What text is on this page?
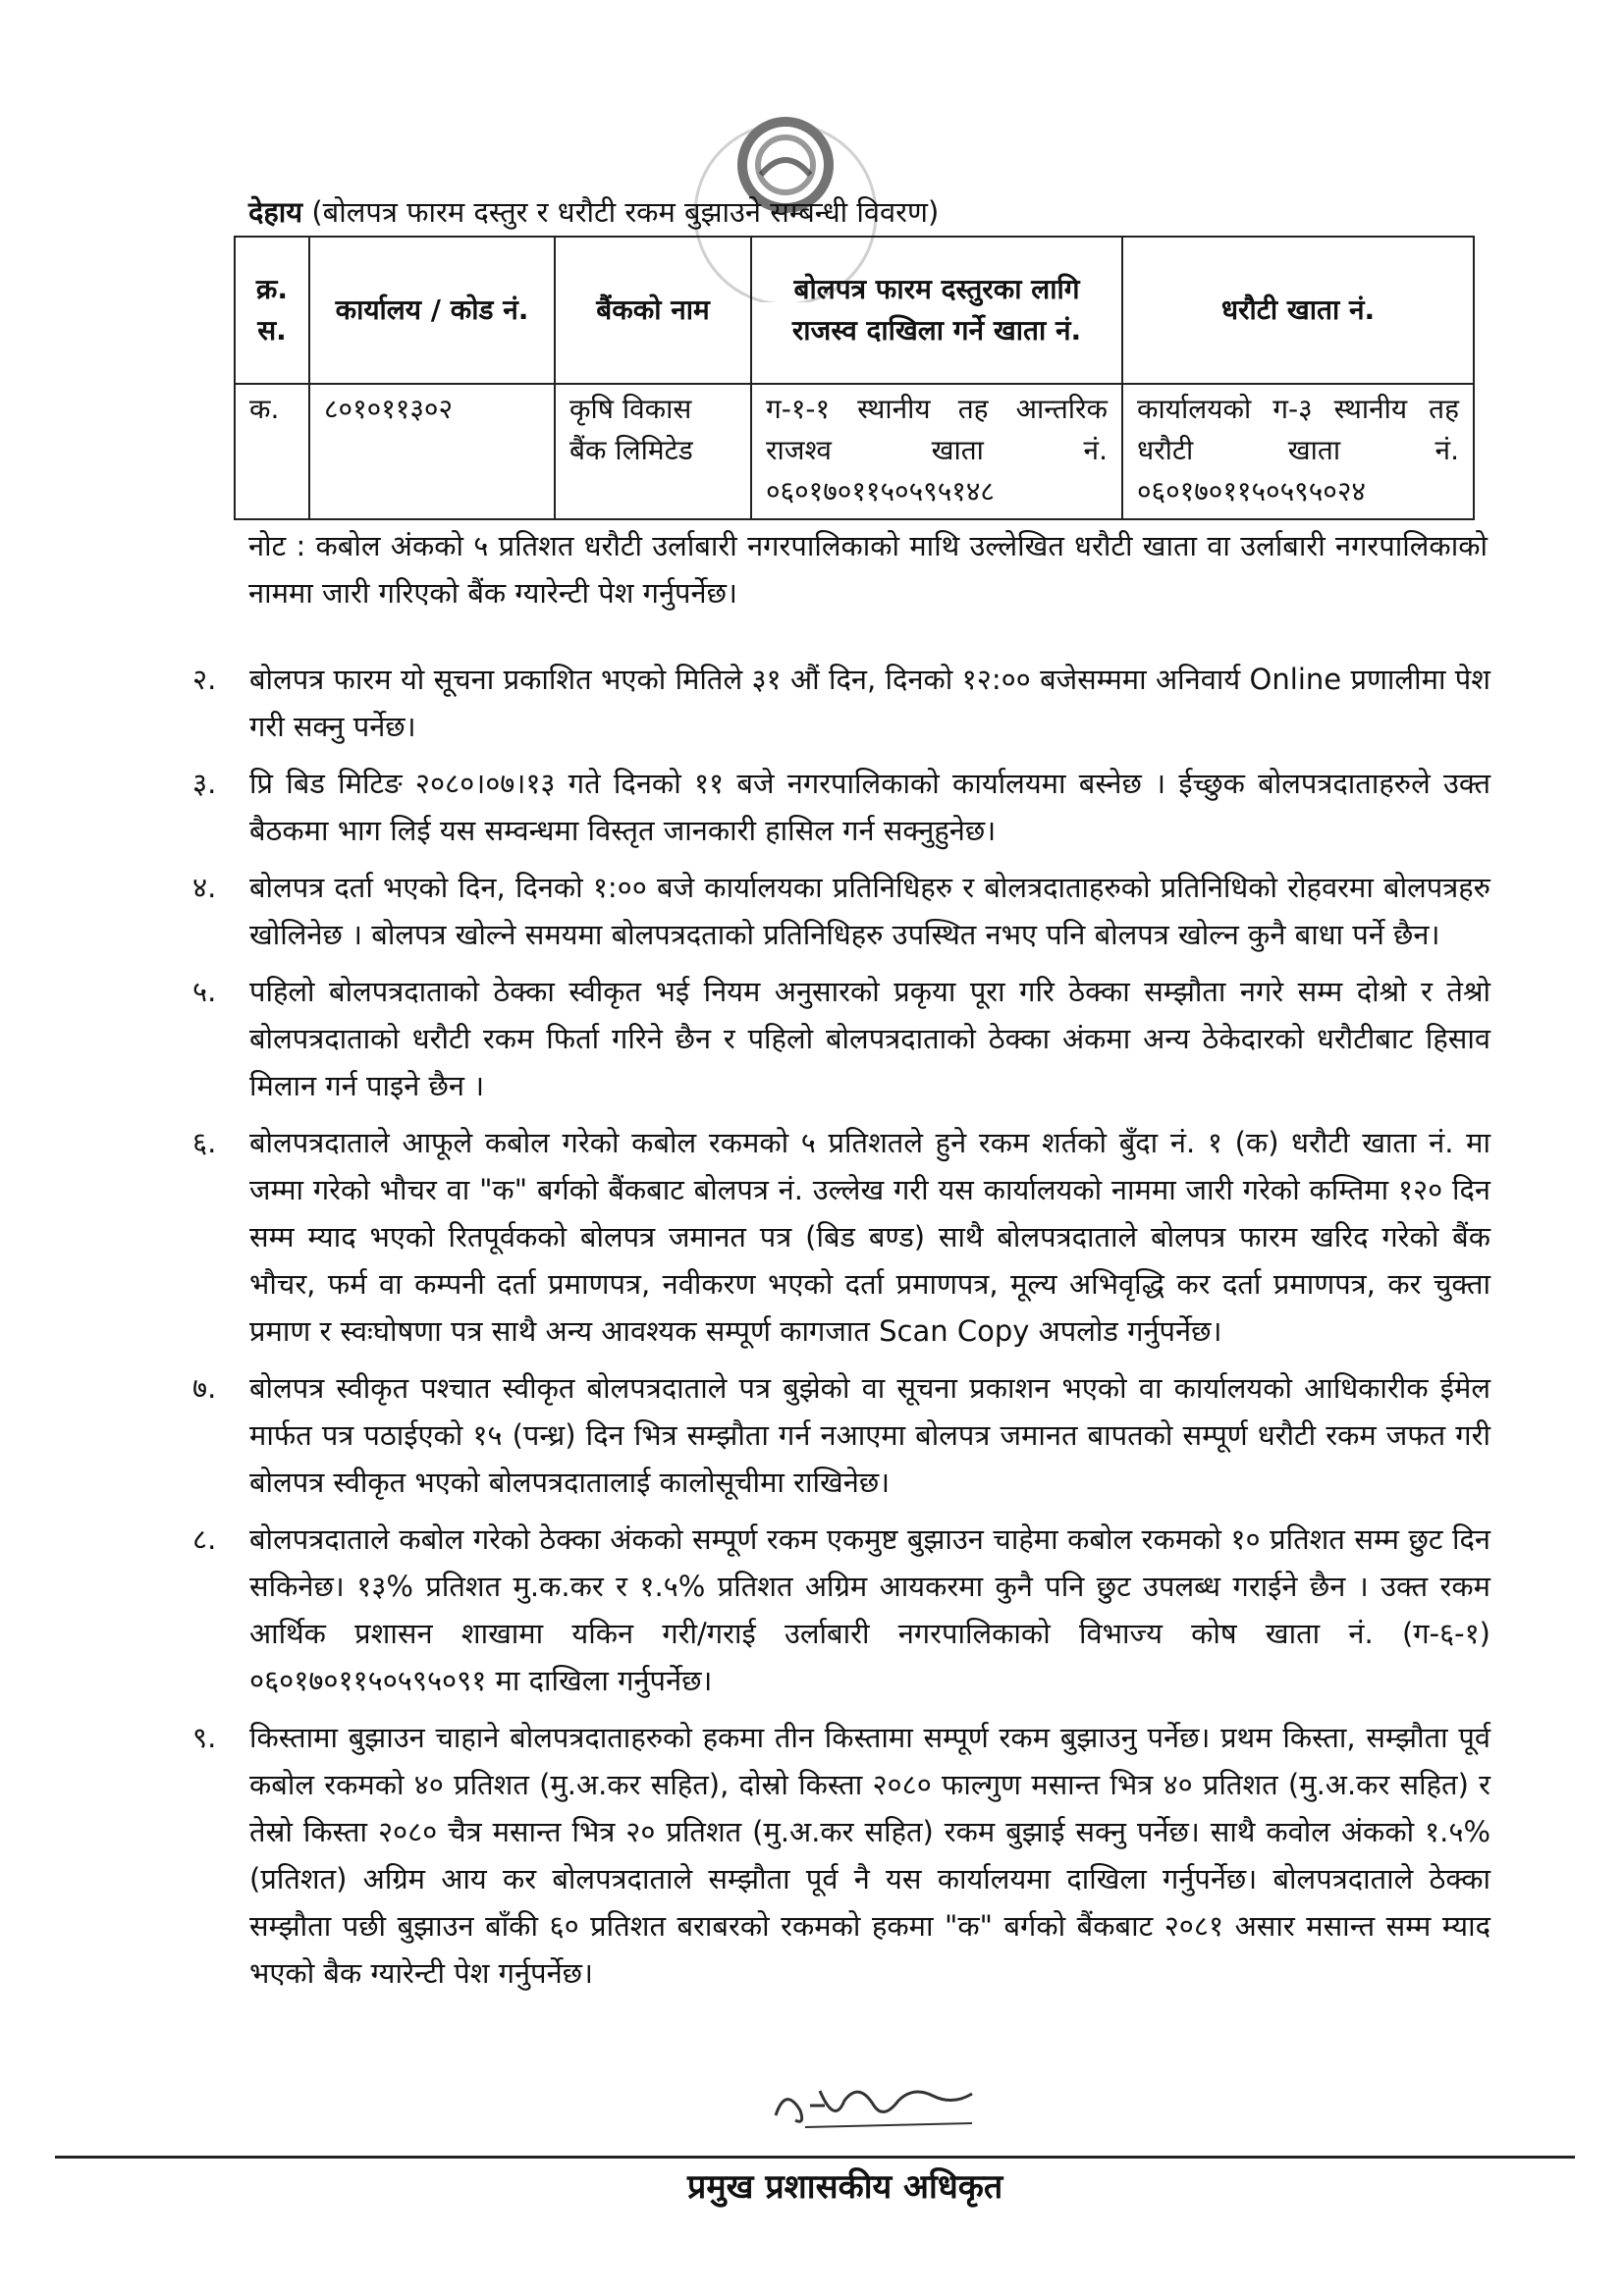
देहाय (बोलपत्र फारम दस्तुर र धरौटी रकम बुझाउने सम्बन्धी विवरण)
क्र. स.	कार्यालय / कोड नं.	बैंकको नाम	बोलपत्र फारम दस्तुरका लागि राजस्व दाखिला गर्ने खाता नं.	धरौटी खाता नं.
क.	८०१०११३०२	कृषि विकास बैंक लिमिटेड	ग-१-१ स्थानीय तह आन्तरिक राजश्व खाता नं. ०६०१७०११५०५९५१४८	कार्यालयको ग-३ स्थानीय तह धरौटी खाता नं. ०६०१७०११५०५९५०२४
नोट : कबोल अंकको ५ प्रतिशत धरौटी उर्लाबारी नगरपालिकाको माथि उल्लेखित धरौटी खाता वा उर्लाबारी नगरपालिकाको नाममा जारी गरिएको बैंक ग्यारेन्टी पेश गर्नुपर्नेछ।
२.	बोलपत्र फारम यो सूचना प्रकाशित भएको मितिले ३१ औं दिन, दिनको १२:०० बजेसम्ममा अनिवार्य Online प्रणालीमा पेश गरी सक्नु पर्नेछ।
३.	प्रि बिड मिटिङ २०८०।०७।१३ गते दिनको ११ बजे नगरपालिकाको कार्यालयमा बस्नेछ । ईच्छुक बोलपत्रदाताहरुले उक्त बैठकमा भाग लिई यस सम्वन्धमा विस्तृत जानकारी हासिल गर्न सक्नुहुनेछ।
४.	बोलपत्र दर्ता भएको दिन, दिनको १:०० बजे कार्यालयका प्रतिनिधिहरु र बोलत्रदाताहरुको प्रतिनिधिको रोहवरमा बोलपत्रहरु खोलिनेछ । बोलपत्र खोल्ने समयमा बोलपत्रदताको प्रतिनिधिहरु उपस्थित नभए पनि बोलपत्र खोल्न कुनै बाधा पर्ने छैन।
५.	पहिलो बोलपत्रदाताको ठेक्का स्वीकृत भई नियम अनुसारको प्रकृया पूरा गरि ठेक्का सम्झौता नगरे सम्म दोश्रो र तेश्रो बोलपत्रदाताको धरौटी रकम फिर्ता गरिने छैन र पहिलो बोलपत्रदाताको ठेक्का अंकमा अन्य ठेकेदारको धरौटीबाट हिसाव मिलान गर्न पाइने छैन ।
६.	बोलपत्रदाताले आफूले कबोल गरेको कबोल रकमको ५ प्रतिशतले हुने रकम शर्तको बुँदा नं. १ (क) धरौटी खाता नं. मा जम्मा गरेको भौचर वा "क" बर्गको बैंकबाट बोलपत्र नं. उल्लेख गरी यस कार्यालयको नाममा जारी गरेको कम्तिमा १२० दिन सम्म म्याद भएको रितपूर्वकको बोलपत्र जमानत पत्र (बिड बण्ड) साथै बोलपत्रदाताले बोलपत्र फारम खरिद गरेको बैंक भौचर, फर्म वा कम्पनी दर्ता प्रमाणपत्र, नवीकरण भएको दर्ता प्रमाणपत्र, मूल्य अभिवृद्धि कर दर्ता प्रमाणपत्र, कर चुक्ता प्रमाण र स्वःघोषणा पत्र साथै अन्य आवश्यक सम्पूर्ण कागजात Scan Copy अपलोड गर्नुपर्नेछ।
७.	बोलपत्र स्वीकृत पश्चात स्वीकृत बोलपत्रदाताले पत्र बुझेको वा सूचना प्रकाशन भएको वा कार्यालयको आधिकारीक ईमेल मार्फत पत्र पठाईएको १५ (पन्ध्र) दिन भित्र सम्झौता गर्न नआएमा बोलपत्र जमानत बापतको सम्पूर्ण धरौटी रकम जफत गरी बोलपत्र स्वीकृत भएको बोलपत्रदातालाई कालोसूचीमा राखिनेछ।
८.	बोलपत्रदाताले कबोल गरेको ठेक्का अंकको सम्पूर्ण रकम एकमुष्ट बुझाउन चाहेमा कबोल रकमको १० प्रतिशत सम्म छुट दिन सकिनेछ। १३% प्रतिशत मु.क.कर र १.५% प्रतिशत अग्रिम आयकरमा कुनै पनि छुट उपलब्ध गराईने छैन । उक्त रकम आर्थिक प्रशासन शाखामा यकिन गरी/गराई उर्लाबारी नगरपालिकाको विभाज्य कोष खाता नं. (ग-६-१) ०६०१७०११५०५९५०९१ मा दाखिला गर्नुपर्नेछ।
९.	किस्तामा बुझाउन चाहाने बोलपत्रदाताहरुको हकमा तीन किस्तामा सम्पूर्ण रकम बुझाउनु पर्नेछ। प्रथम किस्ता, सम्झौता पूर्व कबोल रकमको ४० प्रतिशत (मु.अ.कर सहित), दोस्रो किस्ता २०८० फाल्गुण मसान्त भित्र ४० प्रतिशत (मु.अ.कर सहित) र तेस्रो किस्ता २०८० चैत्र मसान्त भित्र २० प्रतिशत (मु.अ.कर सहित) रकम बुझाई सक्नु पर्नेछ। साथै कवोल अंकको १.५% (प्रतिशत) अग्रिम आय कर बोलपत्रदाताले सम्झौता पूर्व नै यस कार्यालयमा दाखिला गर्नुपर्नेछ। बोलपत्रदाताले ठेक्का सम्झौता पछी बुझाउन बाँकी ६० प्रतिशत बराबरको रकमको हकमा "क" बर्गको बैंकबाट २०८१ असार मसान्त सम्म म्याद भएको बैक ग्यारेन्टी पेश गर्नुपर्नेछ।
प्रमुख प्रशासकीय अधिकृत
